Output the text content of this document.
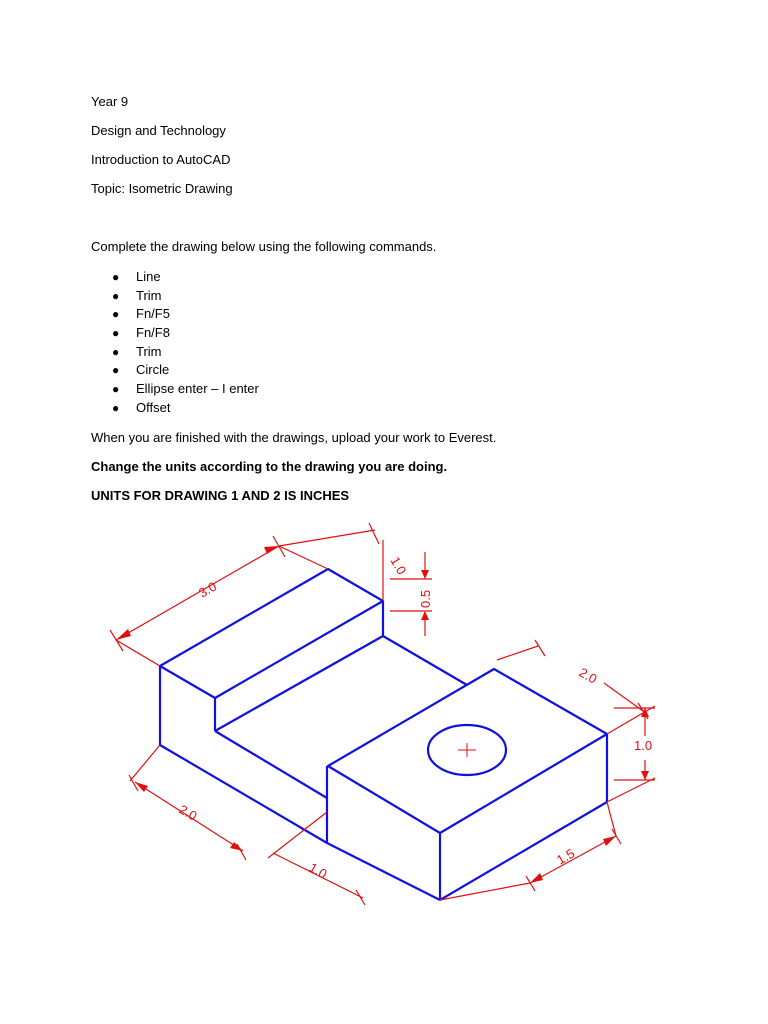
Year 9
Design and Technology
Introduction to AutoCAD
Topic: Isometric Drawing
Complete the drawing below using the following commands.
● Line
● Trim
● Fn/F5
● Fn/F8
● Trim
● Circle
● Ellipse enter – I enter
● Offset
When you are finished with the drawings, upload your work to Everest.
Change the units according to the drawing you are doing.
UNITS FOR DRAWING 1 AND 2 IS INCHES
3.0
1.0
0.5
2.0
1.0
2.0
1.0
1.5
